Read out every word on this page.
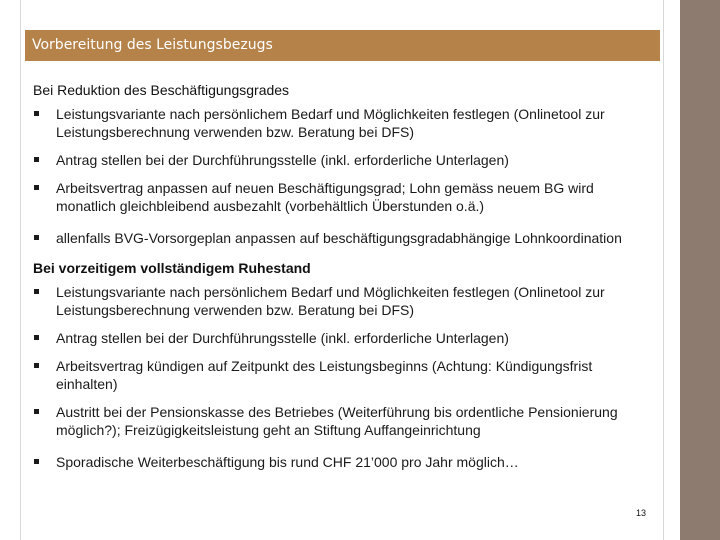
Vorbereitung des Leistungsbezugs
Bei Reduktion des Beschäftigungsgrades
Leistungsvariante nach persönlichem Bedarf und Möglichkeiten festlegen (Onlinetool zur Leistungsberechnung verwenden bzw. Beratung bei DFS)
Antrag stellen bei der Durchführungsstelle (inkl. erforderliche Unterlagen)
Arbeitsvertrag anpassen auf neuen Beschäftigungsgrad; Lohn gemäss neuem BG wird monatlich gleichbleibend ausbezahlt (vorbehältlich Überstunden o.ä.)
allenfalls BVG-Vorsorgeplan anpassen auf beschäftigungsgradabhängige Lohnkoordination
Bei vorzeitigem vollständigem Ruhestand
Leistungsvariante nach persönlichem Bedarf und Möglichkeiten festlegen (Onlinetool zur Leistungsberechnung verwenden bzw. Beratung bei DFS)
Antrag stellen bei der Durchführungsstelle (inkl. erforderliche Unterlagen)
Arbeitsvertrag kündigen auf Zeitpunkt des Leistungsbeginns (Achtung: Kündigungsfrist einhalten)
Austritt bei der Pensionskasse des Betriebes (Weiterführung bis ordentliche Pensionierung möglich?); Freizügigkeitsleistung geht an Stiftung Auffangeinrichtung
Sporadische Weiterbeschäftigung bis rund CHF 21’000 pro Jahr möglich…
13
